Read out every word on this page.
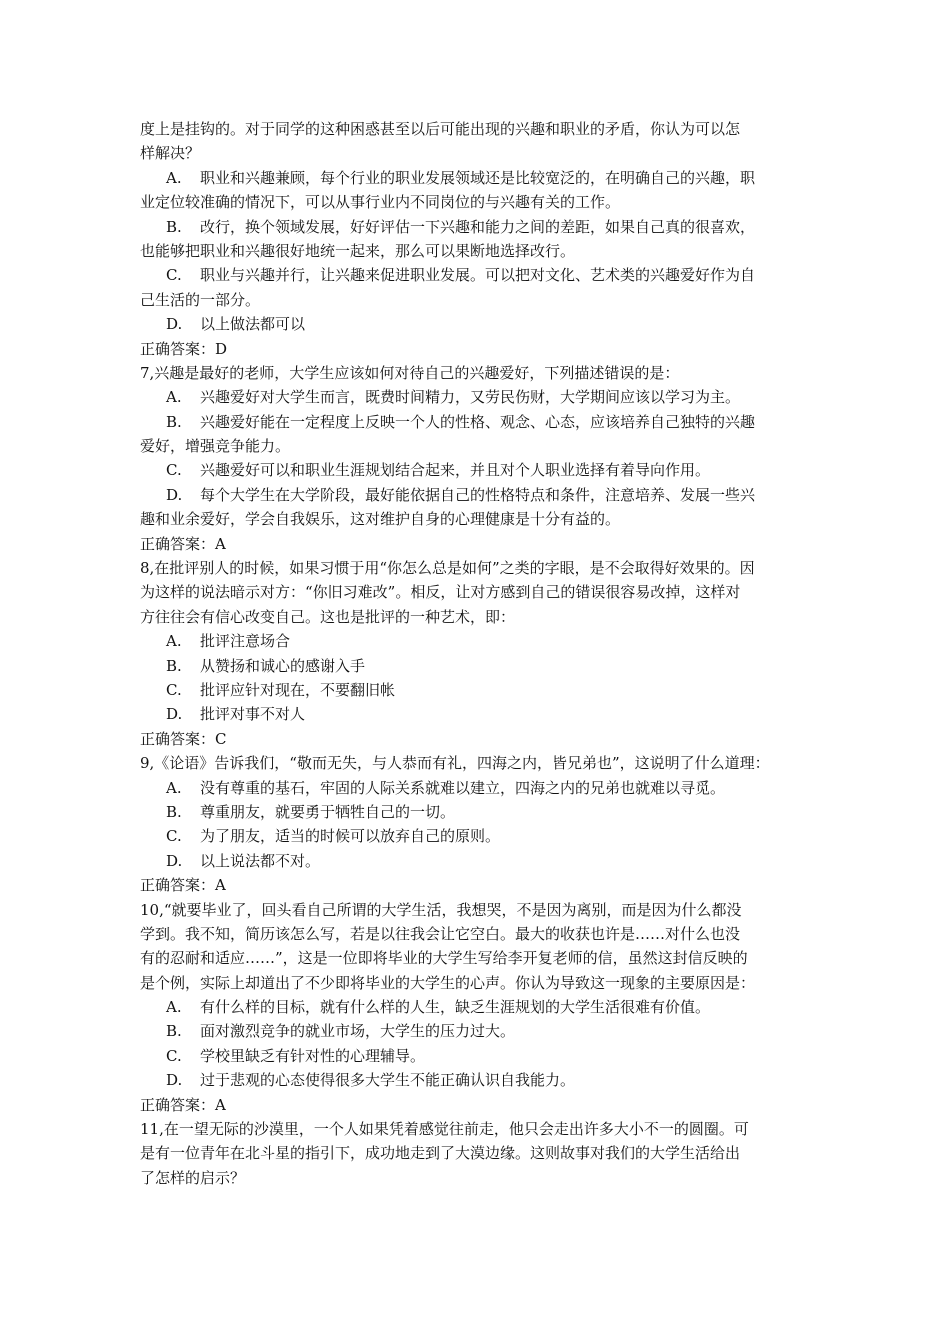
度上是挂钩的。对于同学的这种困惑甚至以后可能出现的兴趣和职业的矛盾，你认为可以怎
样解决？
A. 职业和兴趣兼顾，每个行业的职业发展领域还是比较宽泛的，在明确自己的兴趣，职
业定位较准确的情况下，可以从事行业内不同岗位的与兴趣有关的工作。
B. 改行，换个领域发展，好好评估一下兴趣和能力之间的差距，如果自己真的很喜欢，
也能够把职业和兴趣很好地统一起来，那么可以果断地选择改行。
C. 职业与兴趣并行，让兴趣来促进职业发展。可以把对文化、艺术类的兴趣爱好作为自
己生活的一部分。
D. 以上做法都可以
正确答案：D
7,兴趣是最好的老师，大学生应该如何对待自己的兴趣爱好，下列描述错误的是：
A. 兴趣爱好对大学生而言，既费时间精力，又劳民伤财，大学期间应该以学习为主。
B. 兴趣爱好能在一定程度上反映一个人的性格、观念、心态，应该培养自己独特的兴趣
爱好，增强竞争能力。
C. 兴趣爱好可以和职业生涯规划结合起来，并且对个人职业选择有着导向作用。
D. 每个大学生在大学阶段，最好能依据自己的性格特点和条件，注意培养、发展一些兴
趣和业余爱好，学会自我娱乐，这对维护自身的心理健康是十分有益的。
正确答案：A
8,在批评别人的时候，如果习惯于用“你怎么总是如何”之类的字眼，是不会取得好效果的。因
为这样的说法暗示对方：“你旧习难改”。相反，让对方感到自己的错误很容易改掉，这样对
方往往会有信心改变自己。这也是批评的一种艺术，即：
A. 批评注意场合
B. 从赞扬和诚心的感谢入手
C. 批评应针对现在，不要翻旧帐
D. 批评对事不对人
正确答案：C
9,《论语》告诉我们，“敬而无失，与人恭而有礼，四海之内，皆兄弟也”，这说明了什么道理：
A. 没有尊重的基石，牢固的人际关系就难以建立，四海之内的兄弟也就难以寻觅。
B. 尊重朋友，就要勇于牺牲自己的一切。
C. 为了朋友，适当的时候可以放弃自己的原则。
D. 以上说法都不对。
正确答案：A
10,“就要毕业了，回头看自己所谓的大学生活，我想哭，不是因为离别，而是因为什么都没
学到。我不知，简历该怎么写，若是以往我会让它空白。最大的收获也许是……对什么也没
有的忍耐和适应……”，这是一位即将毕业的大学生写给李开复老师的信，虽然这封信反映的
是个例，实际上却道出了不少即将毕业的大学生的心声。你认为导致这一现象的主要原因是：
A. 有什么样的目标，就有什么样的人生，缺乏生涯规划的大学生活很难有价值。
B. 面对激烈竞争的就业市场，大学生的压力过大。
C. 学校里缺乏有针对性的心理辅导。
D. 过于悲观的心态使得很多大学生不能正确认识自我能力。
正确答案：A
11,在一望无际的沙漠里，一个人如果凭着感觉往前走，他只会走出许多大小不一的圆圈。可
是有一位青年在北斗星的指引下，成功地走到了大漠边缘。这则故事对我们的大学生活给出
了怎样的启示？
